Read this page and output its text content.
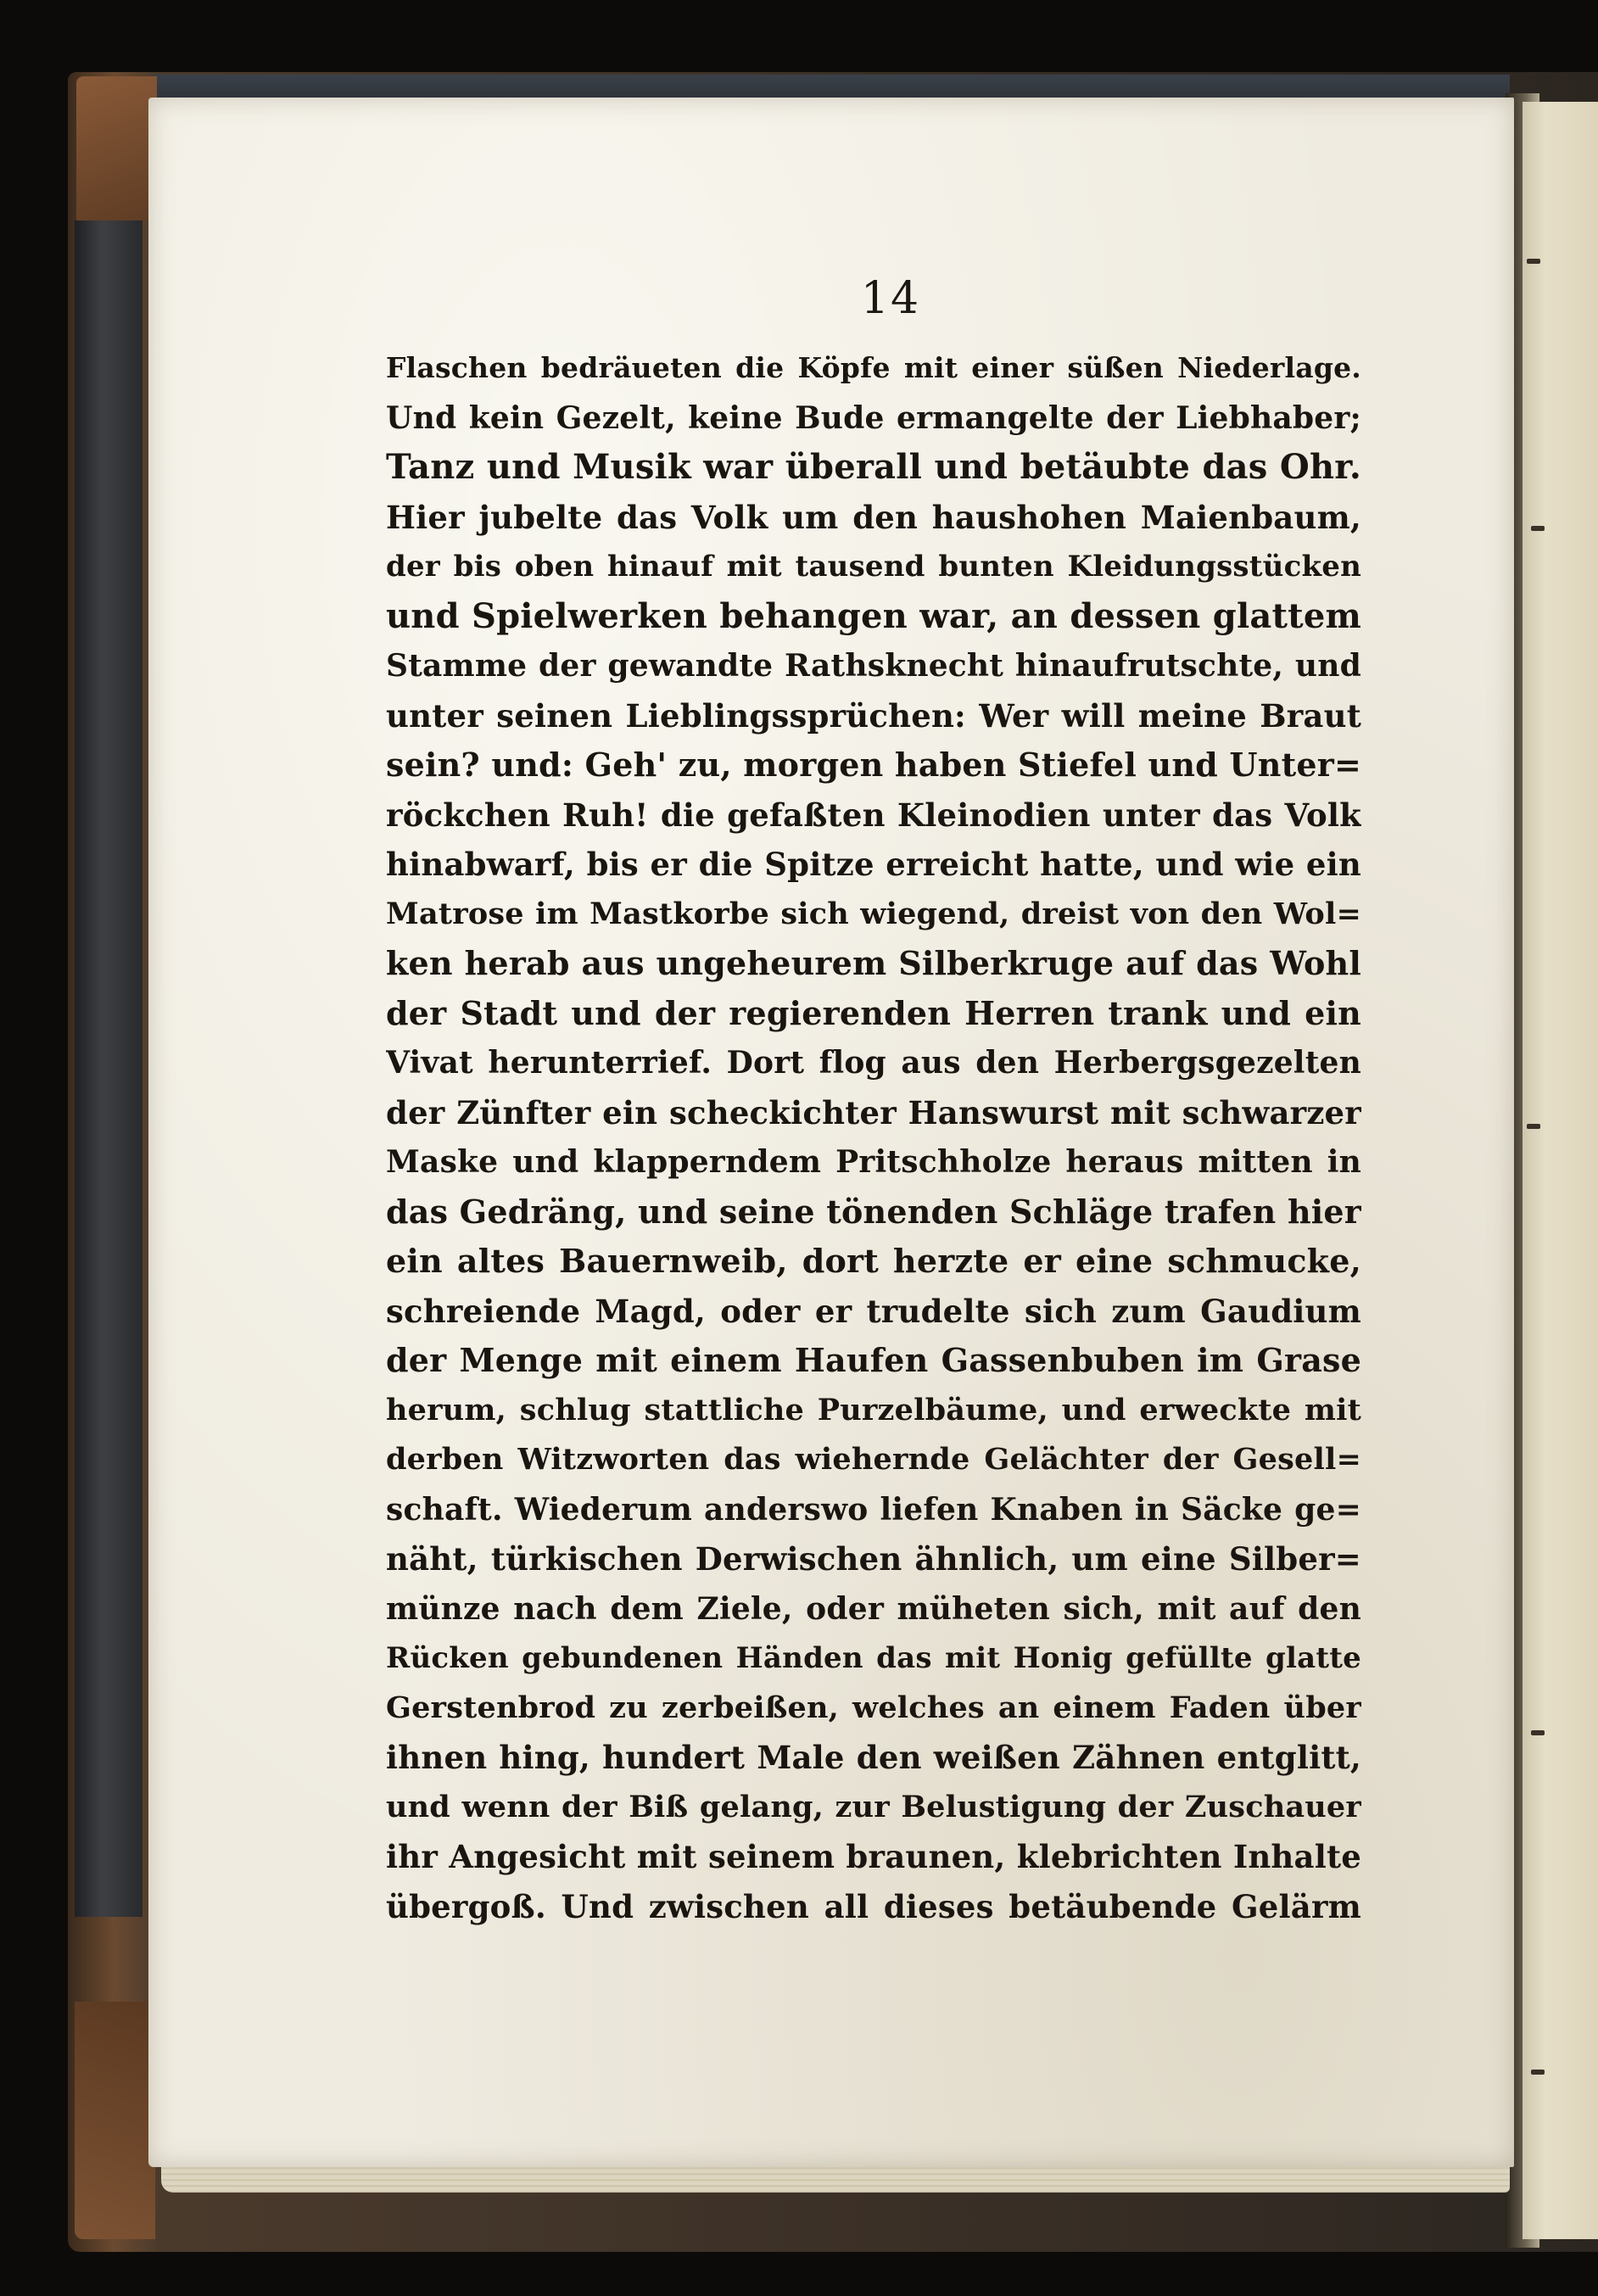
14
Flaschen bedräueten die Köpfe mit einer süßen Niederlage.
Und kein Gezelt, keine Bude ermangelte der Liebhaber;
Tanz und Musik war überall und betäubte das Ohr.
Hier jubelte das Volk um den haushohen Maienbaum,
der bis oben hinauf mit tausend bunten Kleidungsstücken
und Spielwerken behangen war, an dessen glattem
Stamme der gewandte Rathsknecht hinaufrutschte, und
unter seinen Lieblingssprüchen: Wer will meine Braut
sein? und: Geh' zu, morgen haben Stiefel und Unter=
röckchen Ruh! die gefaßten Kleinodien unter das Volk
hinabwarf, bis er die Spitze erreicht hatte, und wie ein
Matrose im Mastkorbe sich wiegend, dreist von den Wol=
ken herab aus ungeheurem Silberkruge auf das Wohl
der Stadt und der regierenden Herren trank und ein
Vivat herunterrief. Dort flog aus den Herbergsgezelten
der Zünfter ein scheckichter Hanswurst mit schwarzer
Maske und klapperndem Pritschholze heraus mitten in
das Gedräng, und seine tönenden Schläge trafen hier
ein altes Bauernweib, dort herzte er eine schmucke,
schreiende Magd, oder er trudelte sich zum Gaudium
der Menge mit einem Haufen Gassenbuben im Grase
herum, schlug stattliche Purzelbäume, und erweckte mit
derben Witzworten das wiehernde Gelächter der Gesell=
schaft. Wiederum anderswo liefen Knaben in Säcke ge=
näht, türkischen Derwischen ähnlich, um eine Silber=
münze nach dem Ziele, oder müheten sich, mit auf den
Rücken gebundenen Händen das mit Honig gefüllte glatte
Gerstenbrod zu zerbeißen, welches an einem Faden über
ihnen hing, hundert Male den weißen Zähnen entglitt,
und wenn der Biß gelang, zur Belustigung der Zuschauer
ihr Angesicht mit seinem braunen, klebrichten Inhalte
übergoß. Und zwischen all dieses betäubende Gelärm
